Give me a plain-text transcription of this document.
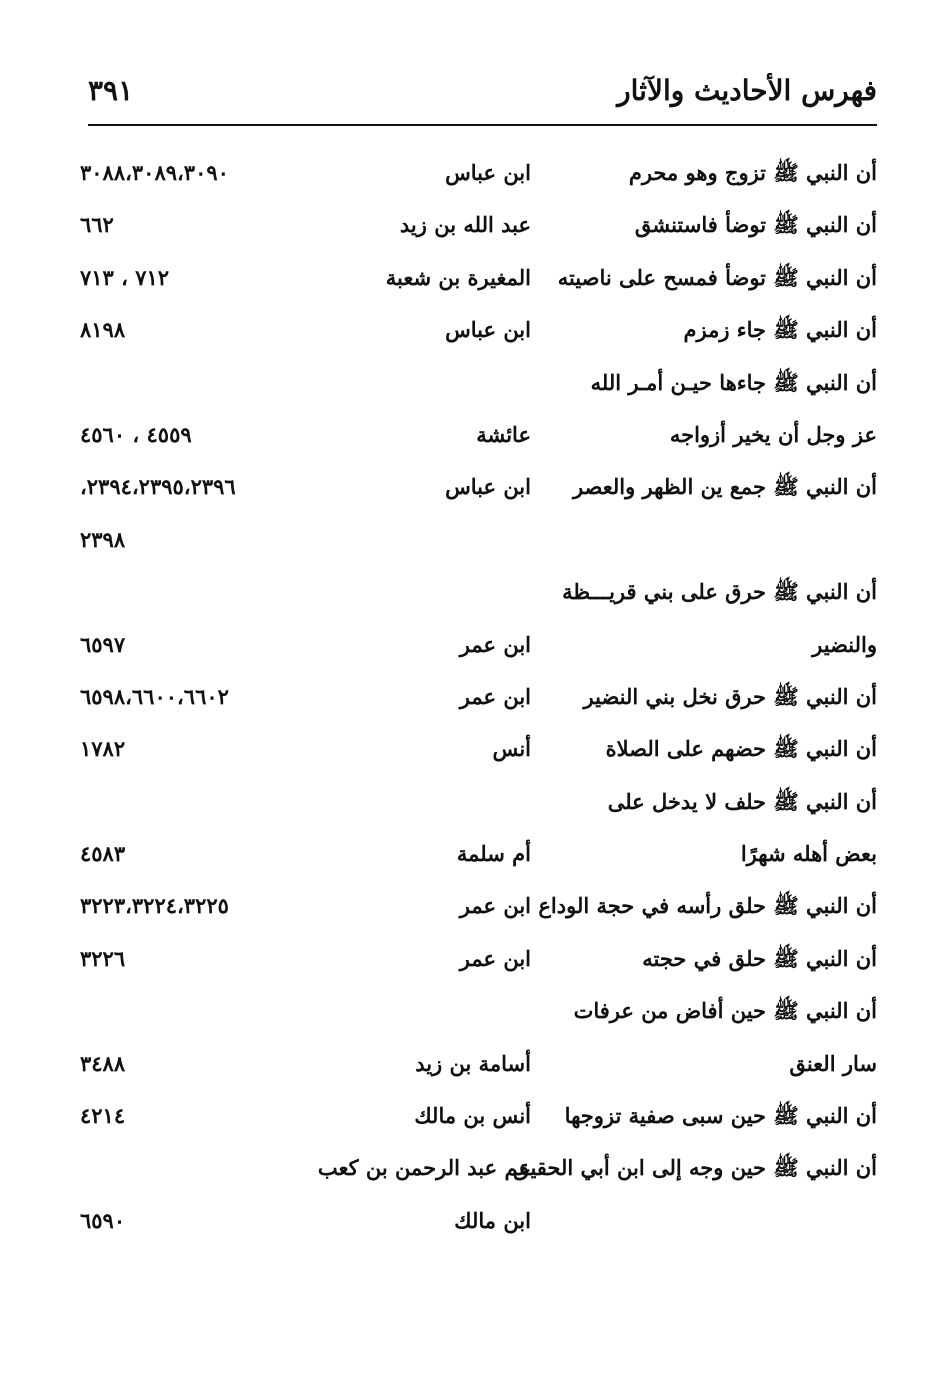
فهرس الأحاديث والآثار
٣٩١
أن النبي ﷺ تزوج وهو محرم
ابن عباس
٣٠٨٨،٣٠٨٩،٣٠٩٠
أن النبي ﷺ توضأ فاستنشق
عبد الله بن زيد
٦٦٢
أن النبي ﷺ توضأ فمسح على ناصيته
المغيرة بن شعبة
٧١٢ ، ٧١٣
أن النبي ﷺ جاء زمزم
ابن عباس
٨١٩٨
أن النبي ﷺ جاءها حيـن أمـر الله
عز وجل أن يخير أزواجه
عائشة
٤٥٥٩ ، ٤٥٦٠
أن النبي ﷺ جمع ين الظهر والعصر
ابن عباس
٢٣٩٤،٢٣٩٥،٢٣٩٦،
٢٣٩٨
أن النبي ﷺ حرق على بني قريـــظة
والنضير
ابن عمر
٦٥٩٧
أن النبي ﷺ حرق نخل بني النضير
ابن عمر
٦٥٩٨،٦٦٠٠،٦٦٠٢
أن النبي ﷺ حضهم على الصلاة
أنس
١٧٨٢
أن النبي ﷺ حلف لا يدخل على
بعض أهله شهرًا
أم سلمة
٤٥٨٣
أن النبي ﷺ حلق رأسه في حجة الوداع
ابن عمر
٣٢٢٣،٣٢٢٤،٣٢٢٥
أن النبي ﷺ حلق في حجته
ابن عمر
٣٢٢٦
أن النبي ﷺ حين أفاض من عرفات
سار العنق
أسامة بن زيد
٣٤٨٨
أن النبي ﷺ حين سبى صفية تزوجها
أنس بن مالك
٤٢١٤
أن النبي ﷺ حين وجه إلى ابن أبي الحقيق
عم عبد الرحمن بن كعب
ابن مالك
٦٥٩٠
